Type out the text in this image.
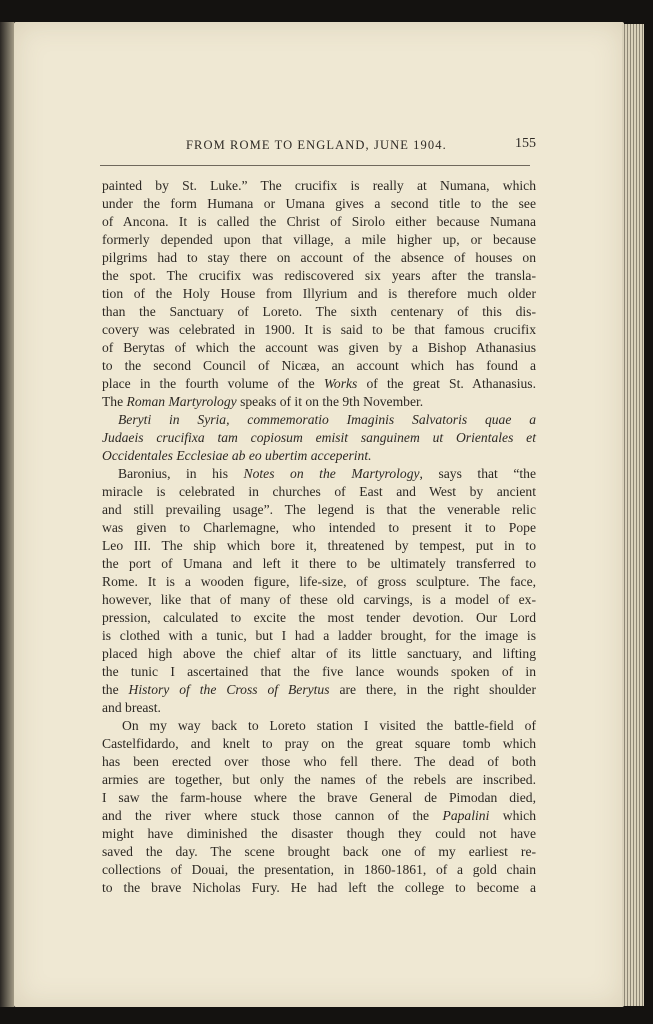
FROM ROME TO ENGLAND, JUNE 1904.	155
painted by St. Luke.” The crucifix is really at Numana, which
under the form Humana or Umana gives a second title to the see
of Ancona. It is called the Christ of Sirolo either because Numana
formerly depended upon that village, a mile higher up, or because
pilgrims had to stay there on account of the absence of houses on
the spot. The crucifix was rediscovered six years after the transla-
tion of the Holy House from Illyrium and is therefore much older
than the Sanctuary of Loreto. The sixth centenary of this dis-
covery was celebrated in 1900. It is said to be that famous crucifix
of Berytas of which the account was given by a Bishop Athanasius
to the second Council of Nicæa, an account which has found a
place in the fourth volume of the Works of the great St. Athanasius.
The Roman Martyrology speaks of it on the 9th November.
Beryti in Syria, commemoratio Imaginis Salvatoris quae a
Judaeis crucifixa tam copiosum emisit sanguinem ut Orientales et
Occidentales Ecclesiae ab eo ubertim acceperint.
Baronius, in his Notes on the Martyrology, says that “the
miracle is celebrated in churches of East and West by ancient
and still prevailing usage”. The legend is that the venerable relic
was given to Charlemagne, who intended to present it to Pope
Leo III. The ship which bore it, threatened by tempest, put in to
the port of Umana and left it there to be ultimately transferred to
Rome. It is a wooden figure, life-size, of gross sculpture. The face,
however, like that of many of these old carvings, is a model of ex-
pression, calculated to excite the most tender devotion. Our Lord
is clothed with a tunic, but I had a ladder brought, for the image is
placed high above the chief altar of its little sanctuary, and lifting
the tunic I ascertained that the five lance wounds spoken of in
the History of the Cross of Berytus are there, in the right shoulder
and breast.
On my way back to Loreto station I visited the battle-field of
Castelfidardo, and knelt to pray on the great square tomb which
has been erected over those who fell there. The dead of both
armies are together, but only the names of the rebels are inscribed.
I saw the farm-house where the brave General de Pimodan died,
and the river where stuck those cannon of the Papalini which
might have diminished the disaster though they could not have
saved the day. The scene brought back one of my earliest re-
collections of Douai, the presentation, in 1860-1861, of a gold chain
to the brave Nicholas Fury. He had left the college to become a
